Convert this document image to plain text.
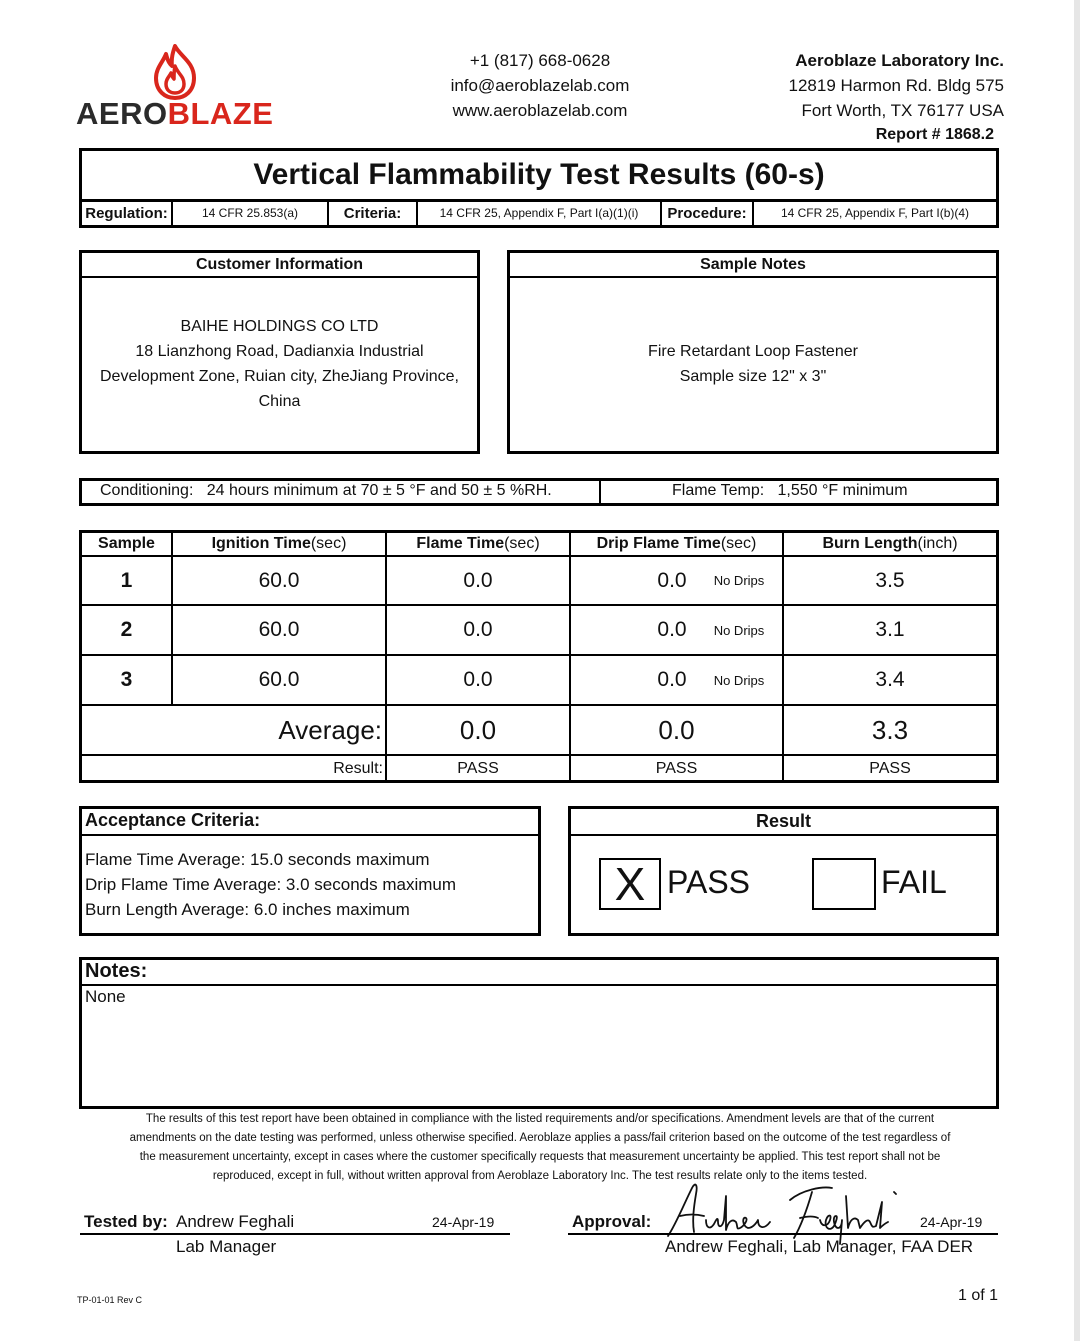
AEROBLAZE
+1 (817) 668-0628
info@aeroblazelab.com
www.aeroblazelab.com
Aeroblaze Laboratory Inc.
12819 Harmon Rd. Bldg 575
Fort Worth, TX 76177 USA
Report # 1868.2
Vertical Flammability Test Results (60-s)
Regulation:	14 CFR 25.853(a)	Criteria:	14 CFR 25, Appendix F, Part I(a)(1)(i)	Procedure:	14 CFR 25, Appendix F, Part I(b)(4)
Customer Information
BAIHE HOLDINGS CO LTD
18 Lianzhong Road, Dadianxia Industrial
Development Zone, Ruian city, ZheJiang Province,
China
Sample Notes
Fire Retardant Loop Fastener
Sample size 12" x 3"
Conditioning: 24 hours minimum at 70 ± 5 °F and 50 ± 5 %RH.	Flame Temp: 1,550 °F minimum
Sample	Ignition Time (sec)	Flame Time (sec)	Drip Flame Time (sec)	Burn Length (inch)
1	60.0	0.0	0.0	No Drips	3.5
2	60.0	0.0	0.0	No Drips	3.1
3	60.0	0.0	0.0	No Drips	3.4
Average:	0.0	0.0	3.3
Result:	PASS	PASS	PASS
Acceptance Criteria:
Flame Time Average: 15.0 seconds maximum
Drip Flame Time Average: 3.0 seconds maximum
Burn Length Average: 6.0 inches maximum
Result
X PASS	FAIL
Notes:
None
The results of this test report have been obtained in compliance with the listed requirements and/or specifications. Amendment levels are that of the current
amendments on the date testing was performed, unless otherwise specified. Aeroblaze applies a pass/fail criterion based on the outcome of the test regardless of
the measurement uncertainty, except in cases where the customer specifically requests that measurement uncertainty be applied. This test report shall not be
reproduced, except in full, without written approval from Aeroblaze Laboratory Inc. The test results relate only to the items tested.
Tested by: Andrew Feghali	24-Apr-19
Lab Manager
Approval:	24-Apr-19
Andrew Feghali, Lab Manager, FAA DER
TP-01-01 Rev C	1 of 1
